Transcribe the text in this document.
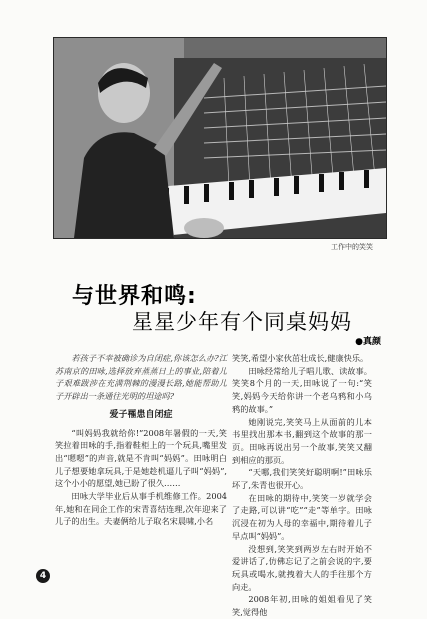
工作中的笑笑
与世界和鸣:
星星少年有个同桌妈妈
●真颜

若孩子不幸被确诊为自闭症,你该怎么办?江苏南京的田咏,选择放弃蒸蒸日上的事业,陪着儿子艰难跋涉在充满荆棘的漫漫长路,她能帮助儿子开辟出一条通往光明的坦途吗?

爱子罹患自闭症

“叫妈妈我就给你!”2008年暑假的一天,笑笑拉着田咏的手,指着鞋柜上的一个玩具,嘴里发出“嗯嗯”的声音,就是不肯叫“妈妈”。田咏明白儿子想要她拿玩具,于是她趁机逼儿子叫“妈妈”,这个小小的愿望,她已盼了很久……

田咏大学毕业后从事手机维修工作。2004年,她和在同企工作的宋青喜结连理,次年迎来了儿子的出生。夫妻俩给儿子取名宋晨啸,小名

笑笑,希望小家伙茁壮成长,健康快乐。

田咏经常给儿子唱儿歌、读故事。笑笑8个月的一天,田咏说了一句:“笑笑,妈妈今天给你讲一个老乌鸦和小乌鸦的故事。”

她刚说完,笑笑马上从面前的儿本书里找出那本书,翻到这个故事的那一页。田咏再说出另一个故事,笑笑又翻到相应的那页。

“天哪,我们笑笑好聪明啊!”田咏乐坏了,朱青也很开心。

在田咏的期待中,笑笑一岁就学会了走路,可以讲“吃”“走”等单字。田咏沉浸在初为人母的幸福中,期待着儿子早点叫“妈妈”。

没想到,笑笑到两岁左右时开始不爱讲话了,仿佛忘记了之前会说的字,要玩具或喝水,就拽着大人的手往那个方向走。

2008年初,田咏的姐姐看见了笑笑,觉得他

4
